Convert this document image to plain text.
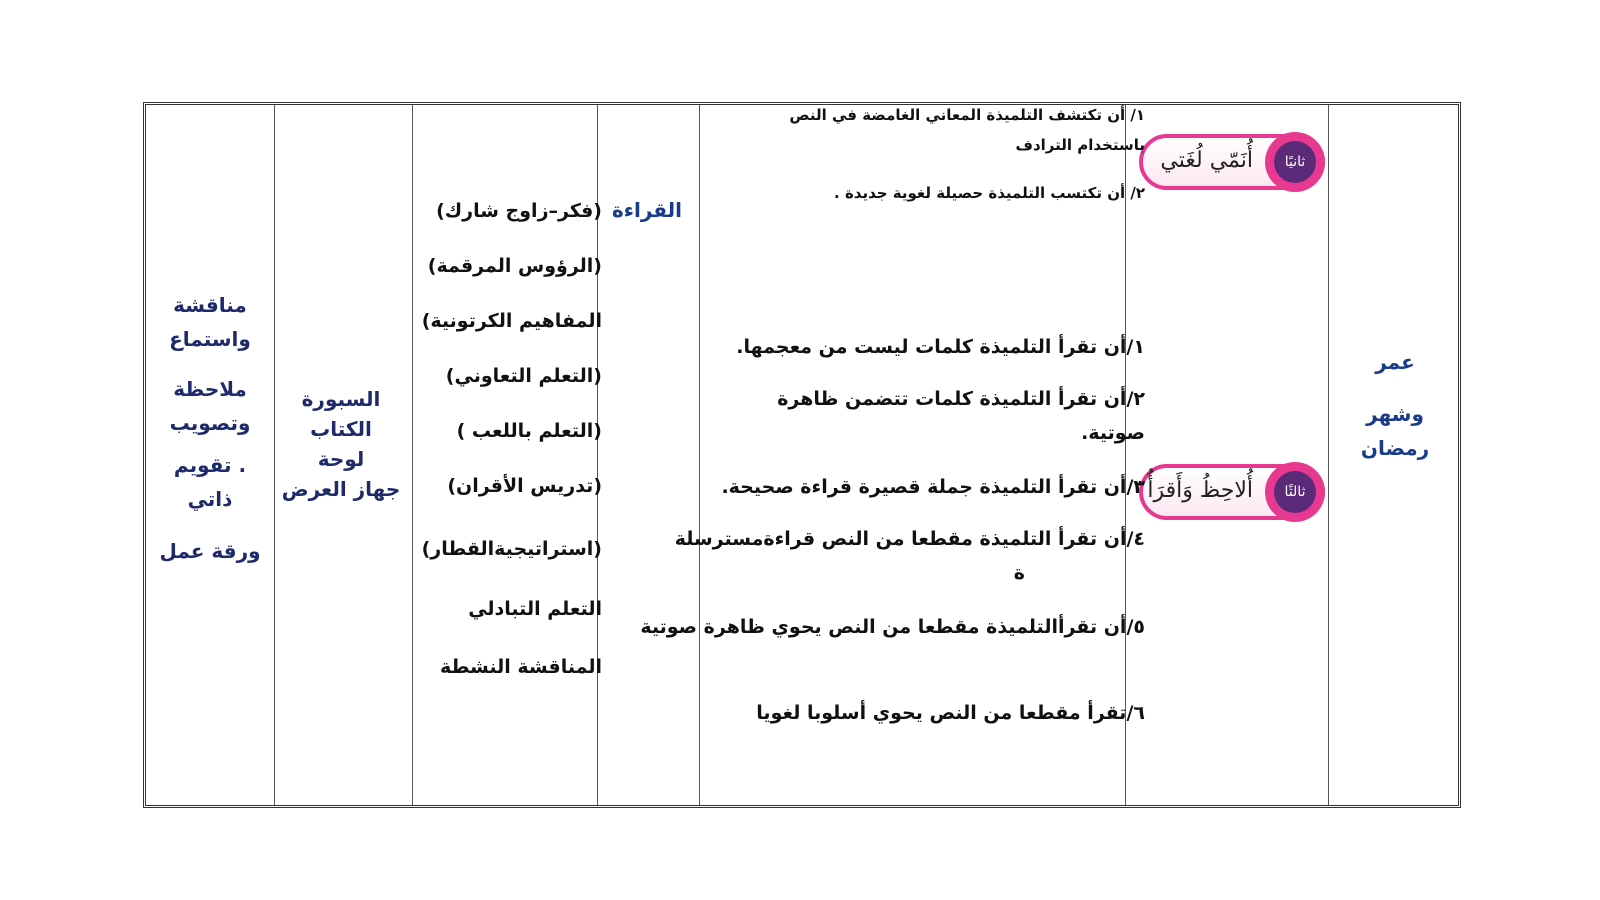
عمر
وشهر
رمضان
ثانيًا
أُنَمّي لُغَتي
ثالثًا
أُلاحِظُ وَأَقرَأُ
١/ أن تكتشف التلميذة المعاني الغامضة في النص
باستخدام الترادف
٢/ أن تكتسب التلميذة حصيلة لغوية جديدة .
١/أن تقرأ التلميذة كلمات ليست من معجمها.
٢/أن تقرأ التلميذة كلمات تتضمن ظاهرة
صوتية.
٣/أن تقرأ التلميذة جملة قصيرة قراءة صحيحة.
٤/أن تقرأ التلميذة مقطعا من النص قراءةمسترسلة
ة
٥/أن تقرأالتلميذة مقطعا من النص يحوي ظاهرة صوتية
٦/تقرأ مقطعا من النص يحوي أسلوبا لغويا
القراءة
(فكر–زاوج شارك)
(الرؤوس المرقمة)
المفاهيم الكرتونية)
(التعلم التعاوني)
(التعلم باللعب )
(تدريس الأقران)
(استراتيجيةالقطار)
التعلم التبادلي
المناقشة النشطة
السبورة
الكتاب
لوحة
جهاز العرض
مناقشة
واستماع
ملاحظة
وتصويب
. تقويم
ذاتي
ورقة عمل
